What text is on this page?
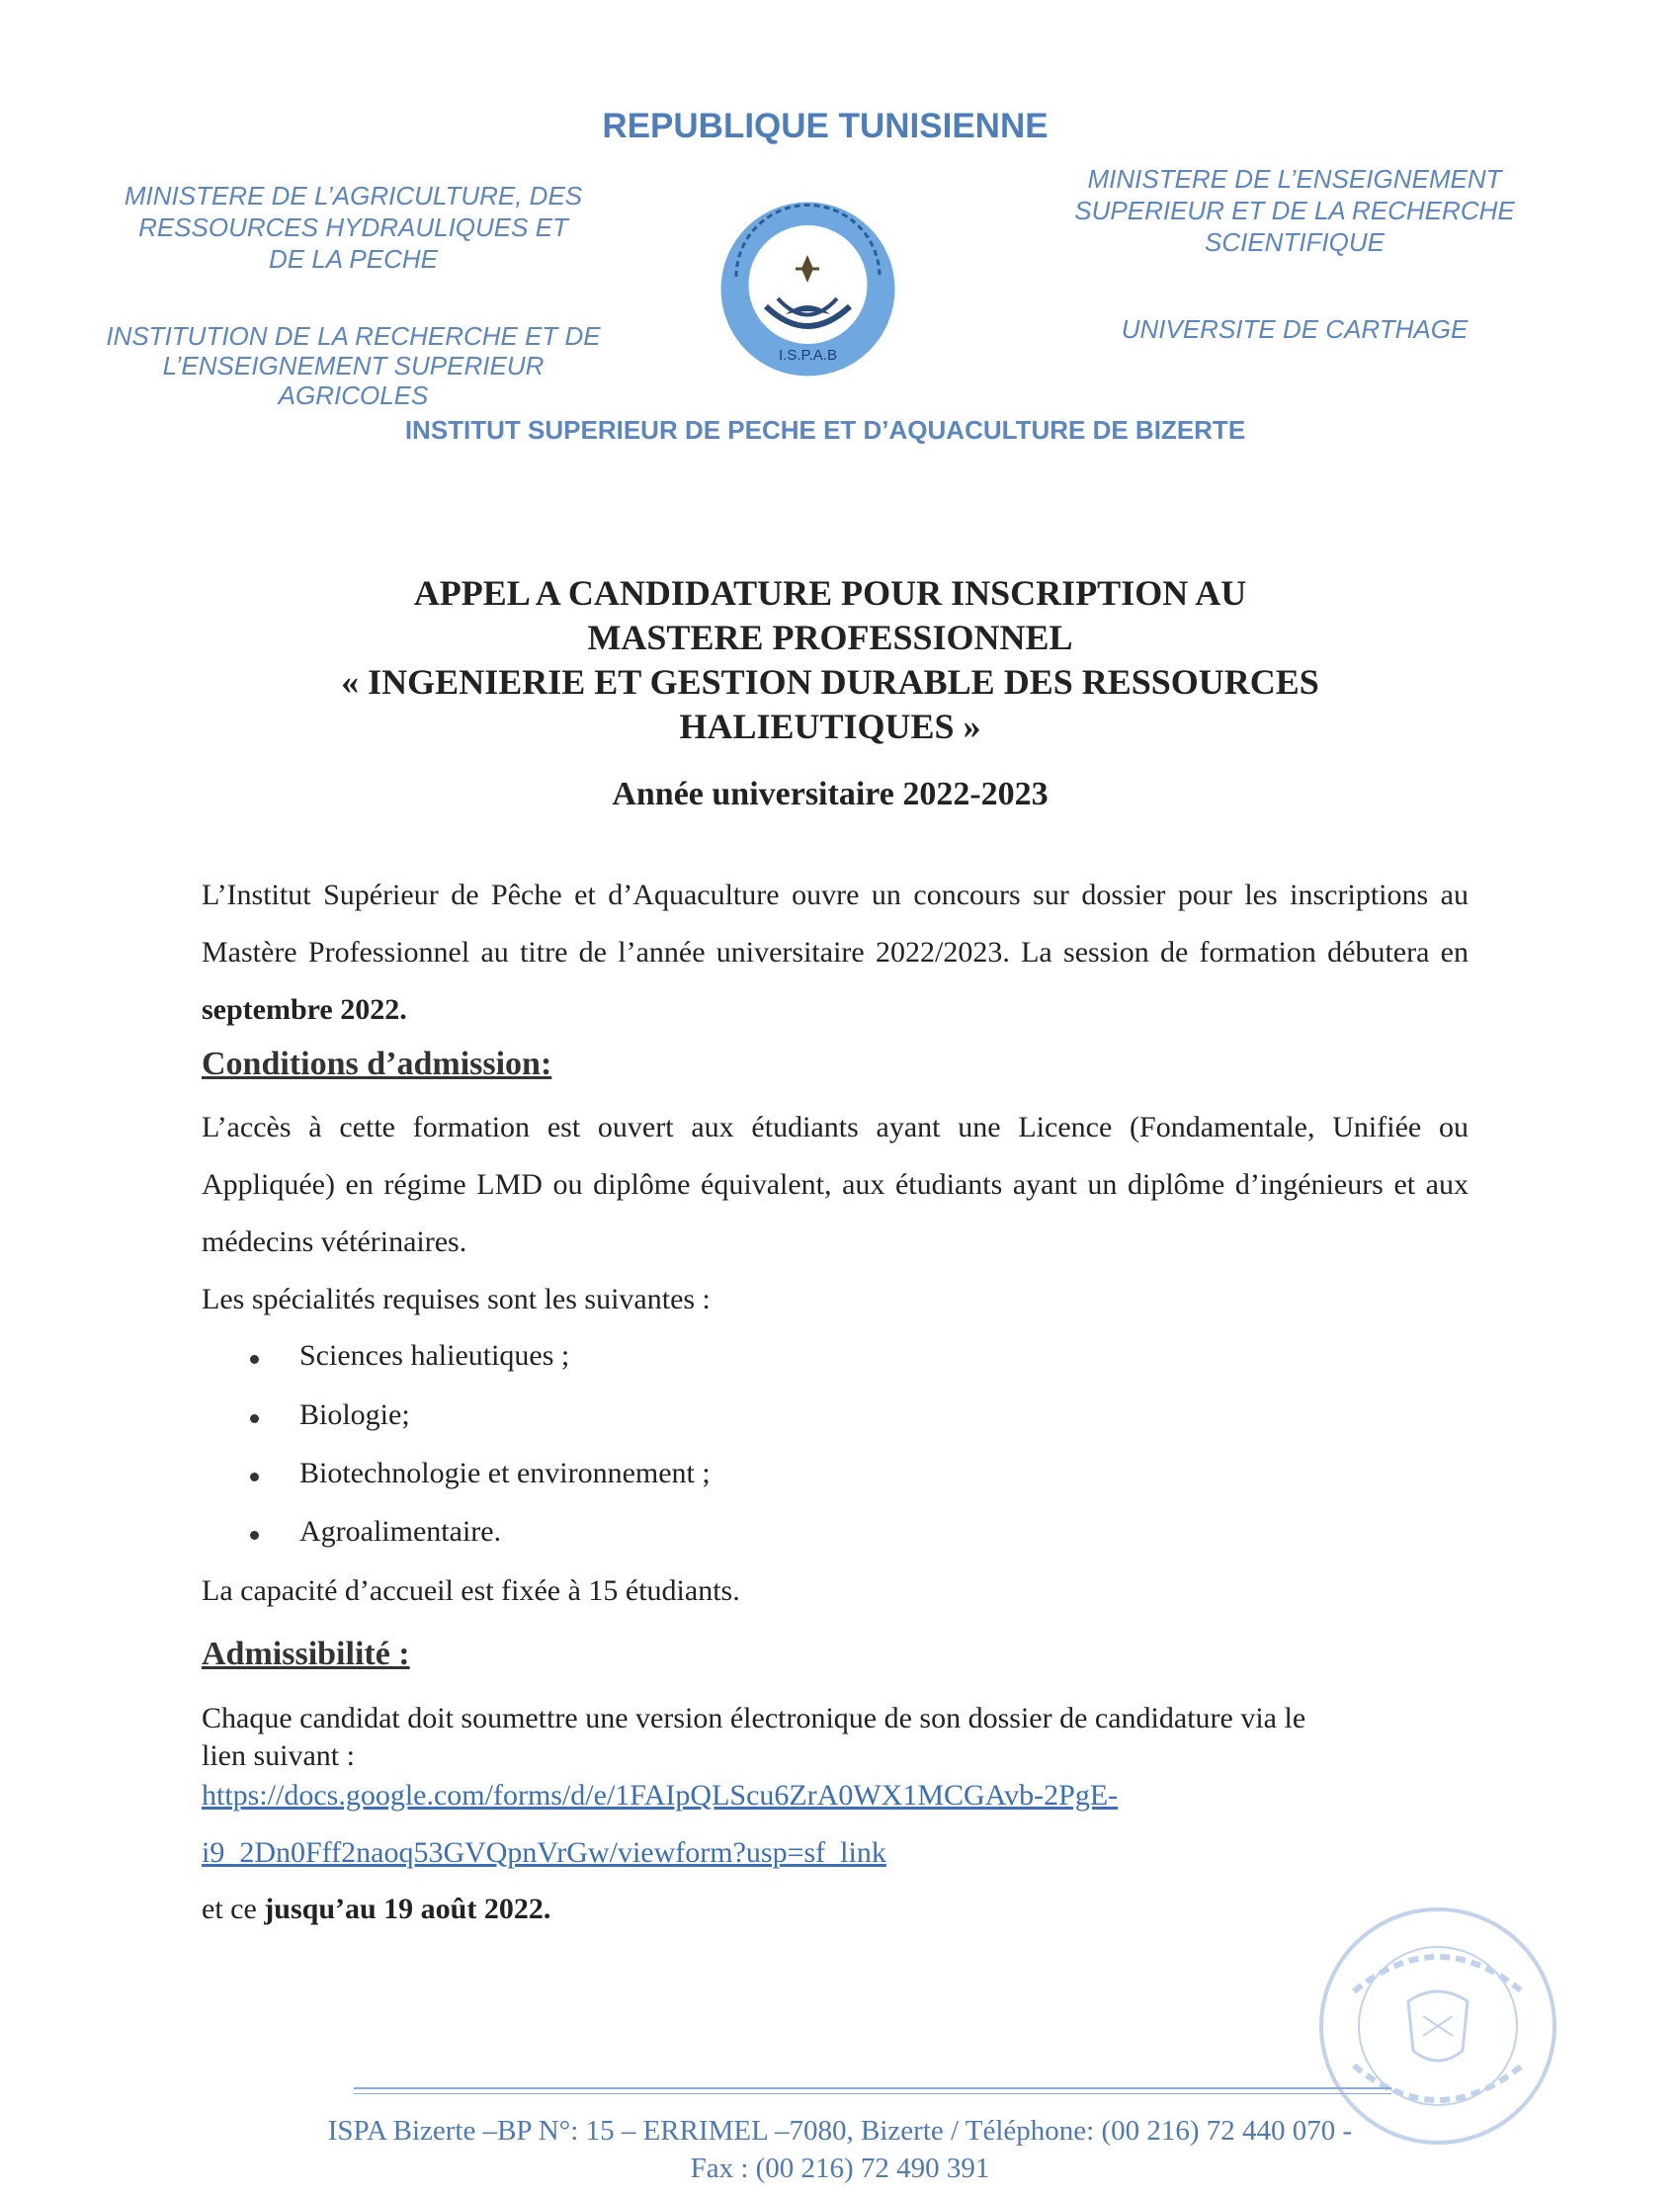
REPUBLIQUE TUNISIENNE
MINISTERE DE L’AGRICULTURE, DES
RESSOURCES HYDRAULIQUES ET
DE LA PECHE
INSTITUTION DE LA RECHERCHE ET DE
L’ENSEIGNEMENT SUPERIEUR
AGRICOLES
MINISTERE DE L’ENSEIGNEMENT
SUPERIEUR ET DE LA RECHERCHE
SCIENTIFIQUE
UNIVERSITE DE CARTHAGE
I.S.P.A.B
INSTITUT SUPERIEUR DE PECHE ET D’AQUACULTURE DE BIZERTE
APPEL A CANDIDATURE POUR INSCRIPTION AU
MASTERE PROFESSIONNEL
« INGENIERIE ET GESTION DURABLE DES RESSOURCES
HALIEUTIQUES »
Année universitaire 2022-2023
L’Institut Supérieur de Pêche et d’Aquaculture ouvre un concours sur dossier pour les inscriptions au Mastère Professionnel au titre de l’année universitaire 2022/2023. La session de formation débutera en septembre 2022.
Conditions d’admission:
L’accès à cette formation est ouvert aux étudiants ayant une Licence (Fondamentale, Unifiée ou Appliquée) en régime LMD ou diplôme équivalent, aux étudiants ayant un diplôme d’ingénieurs et aux médecins vétérinaires.
Les spécialités requises sont les suivantes :
Sciences halieutiques ;
Biologie;
Biotechnologie et environnement ;
Agroalimentaire.
La capacité d’accueil est fixée à 15 étudiants.
Admissibilité :
Chaque candidat doit soumettre une version électronique de son dossier de candidature via le
lien suivant :
https://docs.google.com/forms/d/e/1FAIpQLScu6ZrA0WX1MCGAvb-2PgE-
i9_2Dn0Fff2naoq53GVQpnVrGw/viewform?usp=sf_link
et ce jusqu’au 19 août 2022.
ISPA Bizerte –BP N°: 15 – ERRIMEL –7080, Bizerte / Téléphone: (00 216) 72 440 070 -
Fax : (00 216) 72 490 391
